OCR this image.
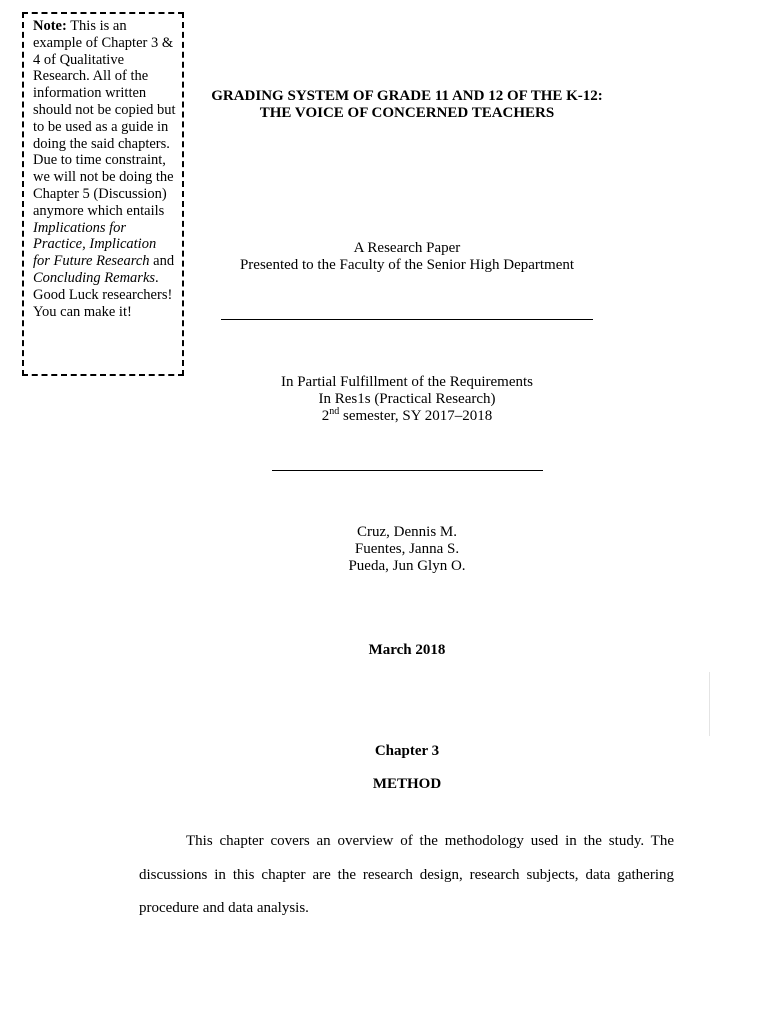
Note: This is an example of Chapter 3 & 4 of Qualitative Research. All of the information written should not be copied but to be used as a guide in doing the said chapters. Due to time constraint, we will not be doing the Chapter 5 (Discussion) anymore which entails Implications for Practice, Implication for Future Research and Concluding Remarks. Good Luck researchers! You can make it!
GRADING SYSTEM OF GRADE 11 AND 12 OF THE K-12:
THE VOICE OF CONCERNED TEACHERS
A Research Paper
Presented to the Faculty of the Senior High Department
In Partial Fulfillment of the Requirements
In Res1s (Practical Research)
2nd semester, SY 2017–2018
Cruz, Dennis M.
Fuentes, Janna S.
Pueda, Jun Glyn O.
March 2018
Chapter 3
METHOD
This chapter covers an overview of the methodology used in the study. The discussions in this chapter are the research design, research subjects, data gathering procedure and data analysis.
